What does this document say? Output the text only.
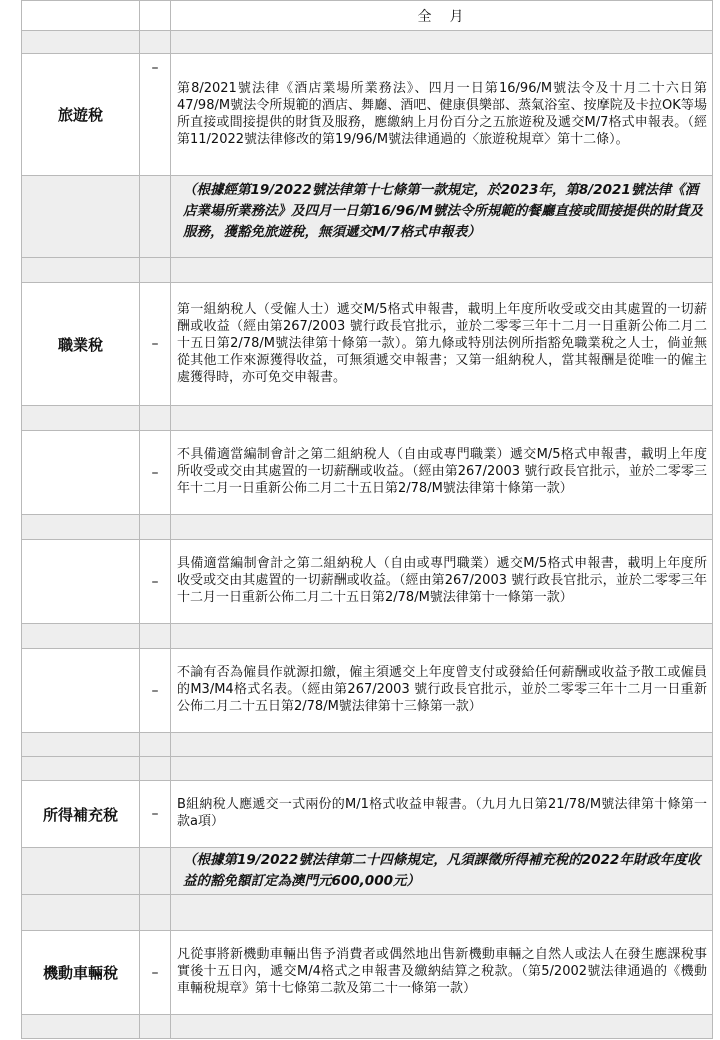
		全　月

旅遊稅	–	第8/2021號法律《酒店業場所業務法》、四月一日第16/96/M號法令及十月二十六日第47/98/M號法令所規範的酒店、舞廳、酒吧、健康俱樂部、蒸氣浴室、按摩院及卡拉OK等場所直接或間接提供的財貨及服務，應繳納上月份百分之五旅遊稅及遞交M/7格式申報表。（經第11/2022號法律修改的第19/96/M號法律通過的〈旅遊稅規章〉第十二條）。
		（根據經第19/2022號法律第十七條第一款規定，於2023年，第8/2021號法律《酒店業場所業務法》及四月一日第16/96/M號法令所規範的餐廳直接或間接提供的財貨及服務，獲豁免旅遊稅，無須遞交M/7格式申報表）

職業稅	–	第一組納稅人（受僱人士）遞交M/5格式申報書，載明上年度所收受或交由其處置的一切薪酬或收益（經由第267/2003 號行政長官批示，並於二零零三年十二月一日重新公佈二月二十五日第2/78/M號法律第十條第一款）。第九條或特別法例所指豁免職業稅之人士，倘並無從其他工作來源獲得收益，可無須遞交申報書；又第一組納稅人，當其報酬是從唯一的僱主處獲得時，亦可免交申報書。

	–	不具備適當編制會計之第二組納稅人（自由或專門職業）遞交M/5格式申報書，載明上年度所收受或交由其處置的一切薪酬或收益。（經由第267/2003 號行政長官批示，並於二零零三年十二月一日重新公佈二月二十五日第2/78/M號法律第十條第一款）

	–	具備適當編制會計之第二組納稅人（自由或專門職業）遞交M/5格式申報書，載明上年度所收受或交由其處置的一切薪酬或收益。（經由第267/2003 號行政長官批示，並於二零零三年十二月一日重新公佈二月二十五日第2/78/M號法律第十一條第一款）

	–	不論有否為僱員作就源扣繳，僱主須遞交上年度曾支付或發給任何薪酬或收益予散工或僱員的M3/M4格式名表。（經由第267/2003 號行政長官批示，並於二零零三年十二月一日重新公佈二月二十五日第2/78/M號法律第十三條第一款）

所得補充稅	–	B組納稅人應遞交一式兩份的M/1格式收益申報書。（九月九日第21/78/M號法律第十條第一款a項）
		（根據第19/2022號法律第二十四條規定，凡須課徵所得補充稅的2022年財政年度收益的豁免額訂定為澳門元600,000元）

機動車輛稅	–	凡從事將新機動車輛出售予消費者或偶然地出售新機動車輛之自然人或法人在發生應課稅事實後十五日內，遞交M/4格式之申報書及繳納結算之稅款。（第5/2002號法律通過的《機動車輛稅規章》第十七條第二款及第二十一條第一款）
